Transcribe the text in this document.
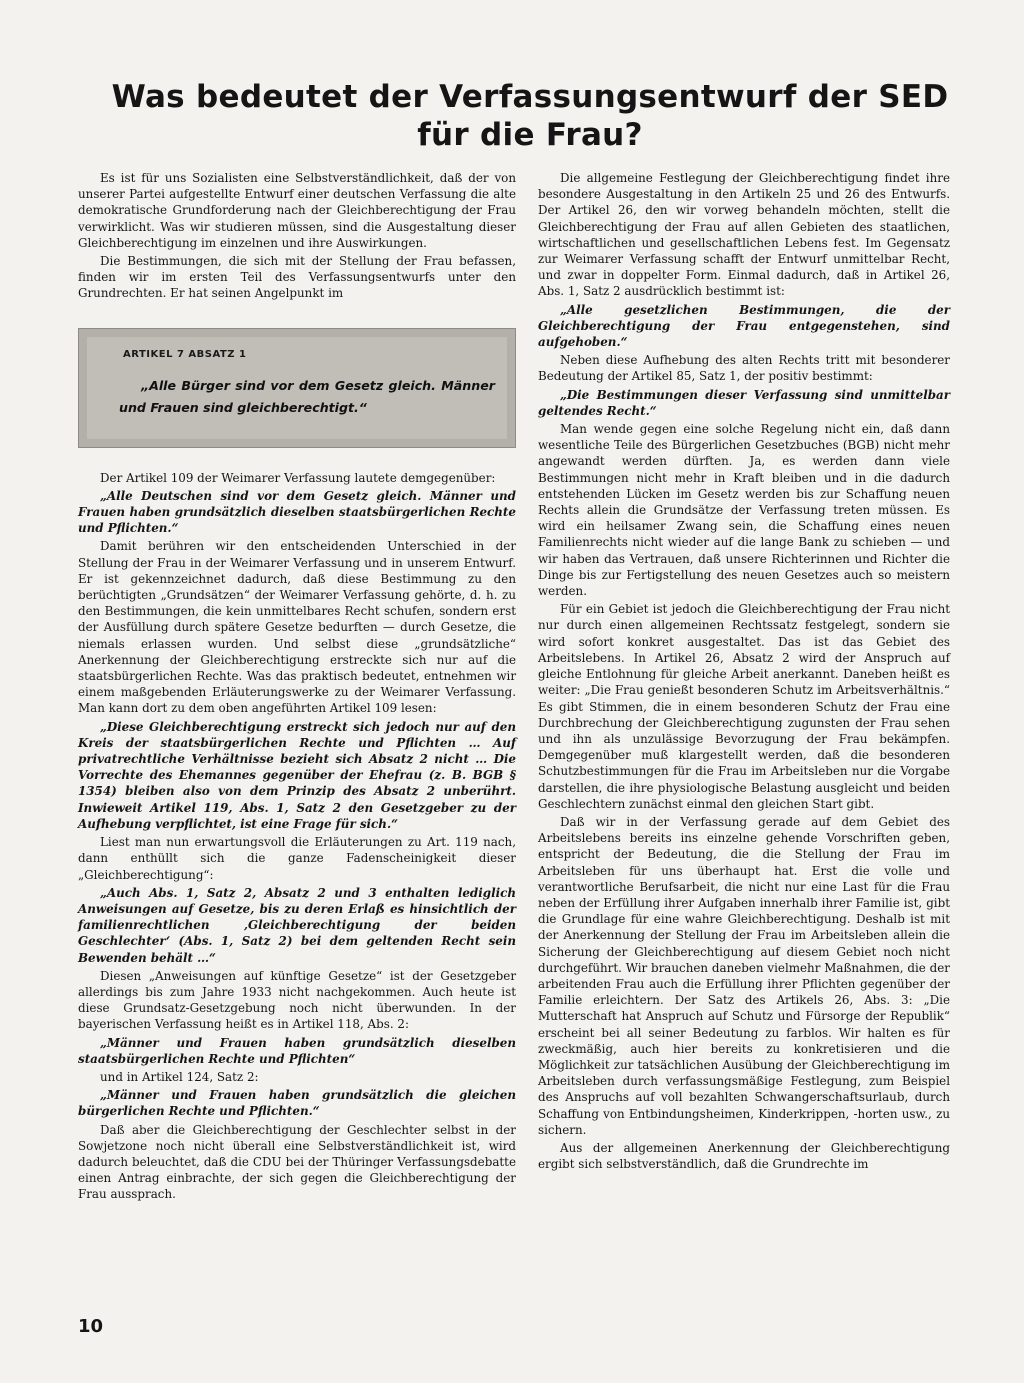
Was bedeutet der Verfassungsentwurf der SED für die Frau?

Es ist für uns Sozialisten eine Selbstverständlichkeit, daß der von unserer Partei aufgestellte Entwurf einer deutschen Verfassung die alte demokratische Grundforderung nach der Gleichberechtigung der Frau verwirklicht. Was wir studieren müssen, sind die Ausgestaltung dieser Gleichberechtigung im einzelnen und ihre Auswirkungen.

Die Bestimmungen, die sich mit der Stellung der Frau befassen, finden wir im ersten Teil des Verfassungsentwurfs unter den Grundrechten. Er hat seinen Angelpunkt im

ARTIKEL 7 ABSATZ 1

„Alle Bürger sind vor dem Gesetz gleich. Männer und Frauen sind gleichberechtigt.“

Der Artikel 109 der Weimarer Verfassung lautete demgegenüber:

„Alle Deutschen sind vor dem Gesetz gleich. Männer und Frauen haben grundsätzlich dieselben staatsbürgerlichen Rechte und Pflichten.“

Damit berühren wir den entscheidenden Unterschied in der Stellung der Frau in der Weimarer Verfassung und in unserem Entwurf. Er ist gekennzeichnet dadurch, daß diese Bestimmung zu den berüchtigten „Grundsätzen“ der Weimarer Verfassung gehörte, d. h. zu den Bestimmungen, die kein unmittelbares Recht schufen, sondern erst der Ausfüllung durch spätere Gesetze bedurften — durch Gesetze, die niemals erlassen wurden. Und selbst diese „grundsätzliche“ Anerkennung der Gleichberechtigung erstreckte sich nur auf die staatsbürgerlichen Rechte. Was das praktisch bedeutet, entnehmen wir einem maßgebenden Erläuterungswerke zu der Weimarer Verfassung. Man kann dort zu dem oben angeführten Artikel 109 lesen:

„Diese Gleichberechtigung erstreckt sich jedoch nur auf den Kreis der staatsbürgerlichen Rechte und Pflichten … Auf privatrechtliche Verhältnisse bezieht sich Absatz 2 nicht … Die Vorrechte des Ehemannes gegenüber der Ehefrau (z. B. BGB § 1354) bleiben also von dem Prinzip des Absatz 2 unberührt. Inwieweit Artikel 119, Abs. 1, Satz 2 den Gesetzgeber zu der Aufhebung verpflichtet, ist eine Frage für sich.“

Liest man nun erwartungsvoll die Erläuterungen zu Art. 119 nach, dann enthüllt sich die ganze Fadenscheinigkeit dieser „Gleichberechtigung“:

„Auch Abs. 1, Satz 2, Absatz 2 und 3 enthalten lediglich Anweisungen auf Gesetze, bis zu deren Erlaß es hinsichtlich der familienrechtlichen ‚Gleichberechtigung der beiden Geschlechter‘ (Abs. 1, Satz 2) bei dem geltenden Recht sein Bewenden behält …“

Diesen „Anweisungen auf künftige Gesetze“ ist der Gesetzgeber allerdings bis zum Jahre 1933 nicht nachgekommen. Auch heute ist diese Grundsatz-Gesetzgebung noch nicht überwunden. In der bayerischen Verfassung heißt es in Artikel 118, Abs. 2:

„Männer und Frauen haben grundsätzlich dieselben staatsbürgerlichen Rechte und Pflichten“

und in Artikel 124, Satz 2:

„Männer und Frauen haben grundsätzlich die gleichen bürgerlichen Rechte und Pflichten.“

Daß aber die Gleichberechtigung der Geschlechter selbst in der Sowjetzone noch nicht überall eine Selbstverständlichkeit ist, wird dadurch beleuchtet, daß die CDU bei der Thüringer Verfassungsdebatte einen Antrag einbrachte, der sich gegen die Gleichberechtigung der Frau aussprach.

Die allgemeine Festlegung der Gleichberechtigung findet ihre besondere Ausgestaltung in den Artikeln 25 und 26 des Entwurfs. Der Artikel 26, den wir vorweg behandeln möchten, stellt die Gleichberechtigung der Frau auf allen Gebieten des staatlichen, wirtschaftlichen und gesellschaftlichen Lebens fest. Im Gegensatz zur Weimarer Verfassung schafft der Entwurf unmittelbar Recht, und zwar in doppelter Form. Einmal dadurch, daß in Artikel 26, Abs. 1, Satz 2 ausdrücklich bestimmt ist:

„Alle gesetzlichen Bestimmungen, die der Gleichberechtigung der Frau entgegenstehen, sind aufgehoben.“

Neben diese Aufhebung des alten Rechts tritt mit besonderer Bedeutung der Artikel 85, Satz 1, der positiv bestimmt:

„Die Bestimmungen dieser Verfassung sind unmittelbar geltendes Recht.“

Man wende gegen eine solche Regelung nicht ein, daß dann wesentliche Teile des Bürgerlichen Gesetzbuches (BGB) nicht mehr angewandt werden dürften. Ja, es werden dann viele Bestimmungen nicht mehr in Kraft bleiben und in die dadurch entstehenden Lücken im Gesetz werden bis zur Schaffung neuen Rechts allein die Grundsätze der Verfassung treten müssen. Es wird ein heilsamer Zwang sein, die Schaffung eines neuen Familienrechts nicht wieder auf die lange Bank zu schieben — und wir haben das Vertrauen, daß unsere Richterinnen und Richter die Dinge bis zur Fertigstellung des neuen Gesetzes auch so meistern werden.

Für ein Gebiet ist jedoch die Gleichberechtigung der Frau nicht nur durch einen allgemeinen Rechtssatz festgelegt, sondern sie wird sofort konkret ausgestaltet. Das ist das Gebiet des Arbeitslebens. In Artikel 26, Absatz 2 wird der Anspruch auf gleiche Entlohnung für gleiche Arbeit anerkannt. Daneben heißt es weiter: „Die Frau genießt besonderen Schutz im Arbeitsverhältnis.“ Es gibt Stimmen, die in einem besonderen Schutz der Frau eine Durchbrechung der Gleichberechtigung zugunsten der Frau sehen und ihn als unzulässige Bevorzugung der Frau bekämpfen. Demgegenüber muß klargestellt werden, daß die besonderen Schutzbestimmungen für die Frau im Arbeitsleben nur die Vorgabe darstellen, die ihre physiologische Belastung ausgleicht und beiden Geschlechtern zunächst einmal den gleichen Start gibt.

Daß wir in der Verfassung gerade auf dem Gebiet des Arbeitslebens bereits ins einzelne gehende Vorschriften geben, entspricht der Bedeutung, die die Stellung der Frau im Arbeitsleben für uns überhaupt hat. Erst die volle und verantwortliche Berufsarbeit, die nicht nur eine Last für die Frau neben der Erfüllung ihrer Aufgaben innerhalb ihrer Familie ist, gibt die Grundlage für eine wahre Gleichberechtigung. Deshalb ist mit der Anerkennung der Stellung der Frau im Arbeitsleben allein die Sicherung der Gleichberechtigung auf diesem Gebiet noch nicht durchgeführt. Wir brauchen daneben vielmehr Maßnahmen, die der arbeitenden Frau auch die Erfüllung ihrer Pflichten gegenüber der Familie erleichtern. Der Satz des Artikels 26, Abs. 3: „Die Mutterschaft hat Anspruch auf Schutz und Fürsorge der Republik“ erscheint bei all seiner Bedeutung zu farblos. Wir halten es für zweckmäßig, auch hier bereits zu konkretisieren und die Möglichkeit zur tatsächlichen Ausübung der Gleichberechtigung im Arbeitsleben durch verfassungsmäßige Festlegung, zum Beispiel des Anspruchs auf voll bezahlten Schwangerschaftsurlaub, durch Schaffung von Entbindungsheimen, Kinderkrippen, -horten usw., zu sichern.

Aus der allgemeinen Anerkennung der Gleichberechtigung ergibt sich selbstverständlich, daß die Grundrechte im

10
